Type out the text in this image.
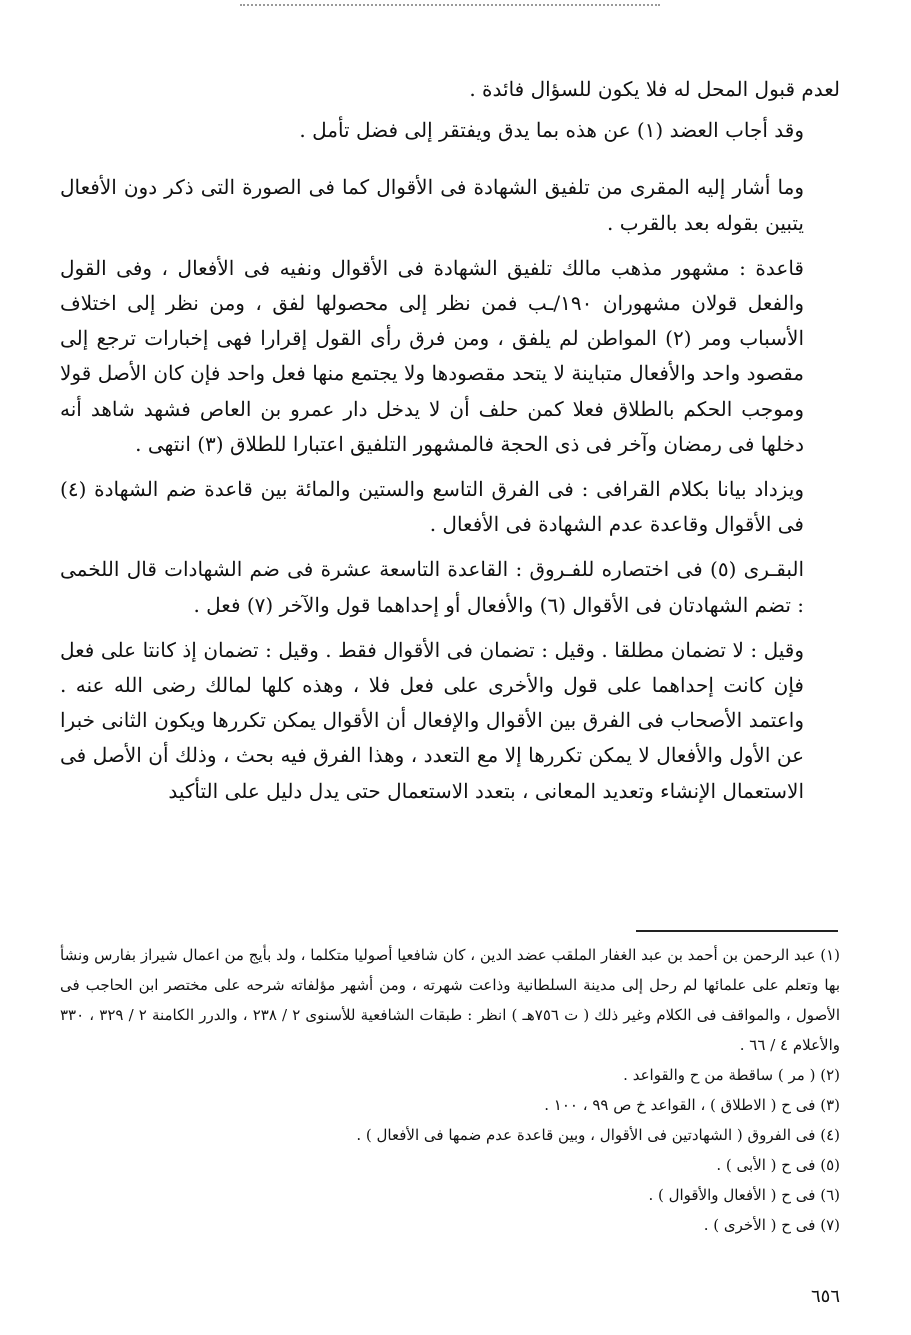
لعدم قبول المحل له فلا يكون للسؤال فائدة .

وقد أجاب العضد (١) عن هذه بما يدق ويفتقر إلى فضل تأمل .

وما أشار إليه المقرى من تلفيق الشهادة فى الأقوال كما فى الصورة التى ذكر دون الأفعال يتبين بقوله بعد بالقرب .

قاعدة : مشهور مذهب مالك تلفيق الشهادة فى الأقوال ونفيه فى الأفعال ، وفى القول والفعل قولان مشهوران ١٩٠/ـب فمن نظر إلى محصولها لفق ، ومن نظر إلى اختلاف الأسباب ومر (٢) المواطن لم يلفق ، ومن فرق رأى القول إقرارا فهى إخبارات ترجع إلى مقصود واحد والأفعال متباينة لا يتحد مقصودها ولا يجتمع منها فعل واحد فإن كان الأصل قولا وموجب الحكم بالطلاق فعلا كمن حلف أن لا يدخل دار عمرو بن العاص فشهد شاهد أنه دخلها فى رمضان وآخر فى ذى الحجة فالمشهور التلفيق اعتبارا للطلاق (٣) انتهى .

ويزداد بيانا بكلام القرافى : فى الفرق التاسع والستين والمائة بين قاعدة ضم الشهادة (٤) فى الأقوال وقاعدة عدم الشهادة فى الأفعال .

البقـرى (٥) فى اختصاره للفـروق : القاعدة التاسعة عشرة فى ضم الشهادات قال اللخمى : تضم الشهادتان فى الأقوال (٦) والأفعال أو إحداهما قول والآخر (٧) فعل .

وقيل : لا تضمان مطلقا . وقيل : تضمان فى الأقوال فقط . وقيل : تضمان إذ كانتا على فعل فإن كانت إحداهما على قول والأخرى على فعل فلا ، وهذه كلها لمالك رضى الله عنه . واعتمد الأصحاب فى الفرق بين الأقوال والإفعال أن الأقوال يمكن تكررها ويكون الثانى خبرا عن الأول والأفعال لا يمكن تكررها إلا مع التعدد ، وهذا الفرق فيه بحث ، وذلك أن الأصل فى الاستعمال الإنشاء وتعديد المعانى ، بتعدد الاستعمال حتى يدل دليل على التأكيد

(١) عبد الرحمن بن أحمد بن عبد الغفار الملقب عضد الدين ، كان شافعيا أصوليا متكلما ، ولد بأيج من اعمال شيراز بفارس ونشأ بها وتعلم على علمائها لم رحل إلى مدينة السلطانية وذاعت شهرته ، ومن أشهر مؤلفاته شرحه على مختصر ابن الحاجب فى الأصول ، والمواقف فى الكلام وغير ذلك ( ت ٧٥٦هـ ) انظر : طبقات الشافعية للأسنوى ٢ / ٢٣٨ ، والدرر الكامنة ٢ / ٣٢٩ ، ٣٣٠ والأعلام ٤ / ٦٦ .

(٢) ( مر ) ساقطة من ح والقواعد .

(٣) فى ح ( الاطلاق ) ، القواعد خ ص ٩٩ ، ١٠٠ .

(٤) فى الفروق ( الشهادتين فى الأقوال ، وبين قاعدة عدم ضمها فى الأفعال ) .

(٥) فى ح ( الأبى ) .

(٦) فى ح ( الأفعال والأقوال ) .

(٧) فى ح ( الأخرى ) .

٦٥٦
